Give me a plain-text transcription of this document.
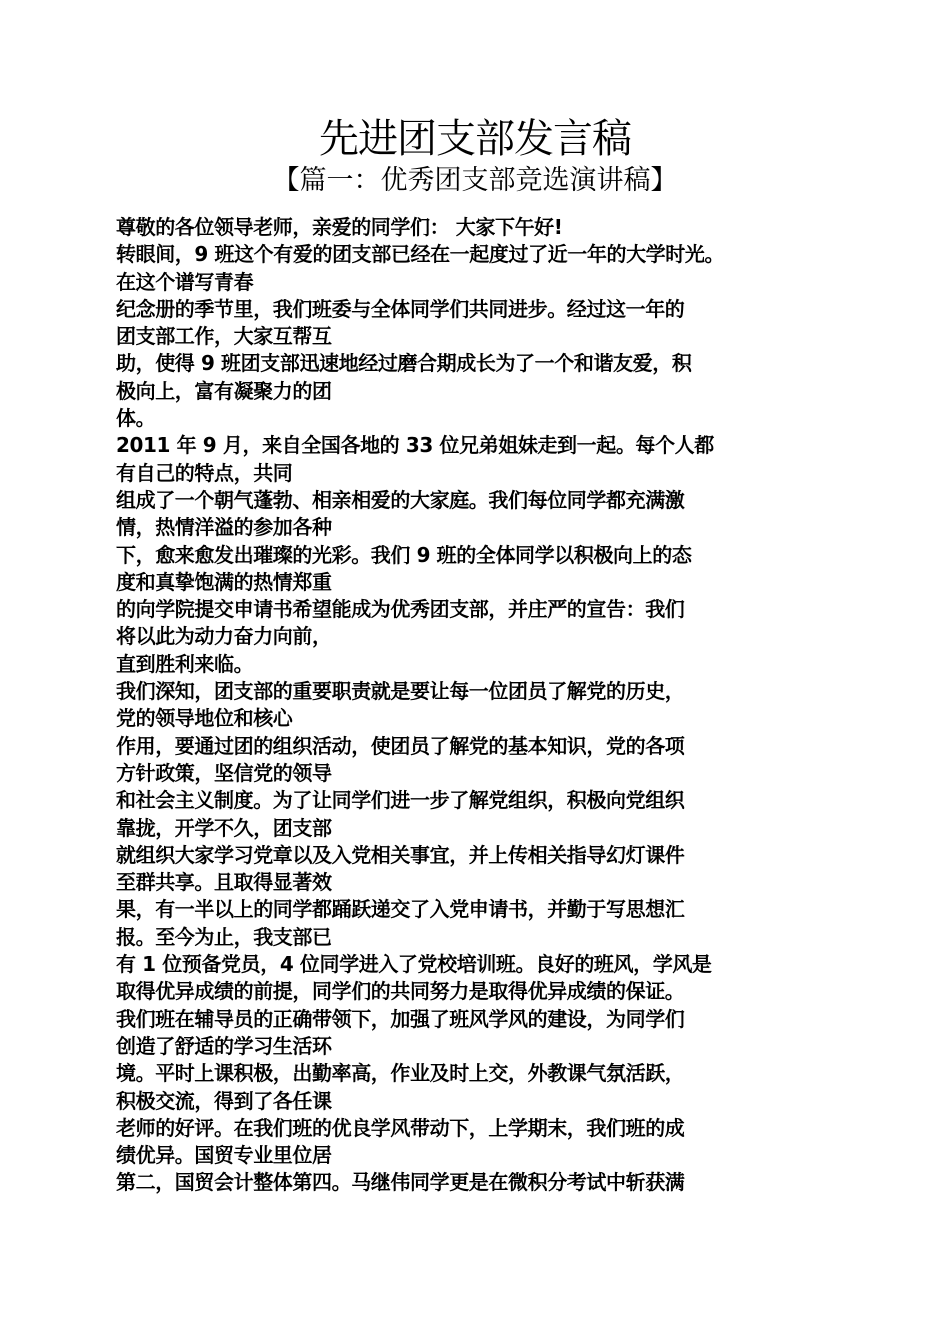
先进团支部发言稿
【篇一：优秀团支部竞选演讲稿】
尊敬的各位领导老师，亲爱的同学们： 大家下午好!
转眼间，9 班这个有爱的团支部已经在一起度过了近一年的大学时光。
在这个谱写青春
纪念册的季节里，我们班委与全体同学们共同进步。经过这一年的
团支部工作，大家互帮互
助，使得 9 班团支部迅速地经过磨合期成长为了一个和谐友爱，积
极向上，富有凝聚力的团
体。
2011 年 9 月，来自全国各地的 33 位兄弟姐妹走到一起。每个人都
有自己的特点，共同
组成了一个朝气蓬勃、相亲相爱的大家庭。我们每位同学都充满激
情，热情洋溢的参加各种
下，愈来愈发出璀璨的光彩。我们 9 班的全体同学以积极向上的态
度和真挚饱满的热情郑重
的向学院提交申请书希望能成为优秀团支部，并庄严的宣告：我们
将以此为动力奋力向前，
直到胜利来临。
我们深知，团支部的重要职责就是要让每一位团员了解党的历史，
党的领导地位和核心
作用，要通过团的组织活动，使团员了解党的基本知识，党的各项
方针政策，坚信党的领导
和社会主义制度。为了让同学们进一步了解党组织，积极向党组织
靠拢，开学不久，团支部
就组织大家学习党章以及入党相关事宜，并上传相关指导幻灯课件
至群共享。且取得显著效
果，有一半以上的同学都踊跃递交了入党申请书，并勤于写思想汇
报。至今为止，我支部已
有 1 位预备党员，4 位同学进入了党校培训班。良好的班风，学风是
取得优异成绩的前提，同学们的共同努力是取得优异成绩的保证。
我们班在辅导员的正确带领下，加强了班风学风的建设，为同学们
创造了舒适的学习生活环
境。平时上课积极，出勤率高，作业及时上交，外教课气氛活跃，
积极交流，得到了各任课
老师的好评。在我们班的优良学风带动下，上学期末，我们班的成
绩优异。国贸专业里位居
第二，国贸会计整体第四。马继伟同学更是在微积分考试中斩获满
